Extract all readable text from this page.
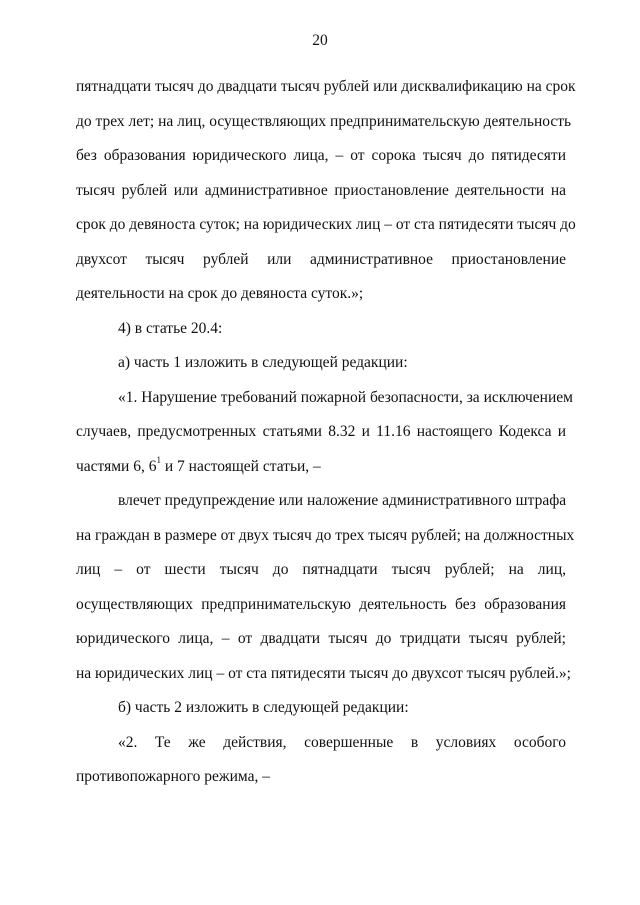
20
пятнадцати тысяч до двадцати тысяч рублей или дисквалификацию на срок
до трех лет; на лиц, осуществляющих предпринимательскую деятельность
без образования юридического лица, – от сорока тысяч до пятидесяти
тысяч рублей или административное приостановление деятельности на
срок до девяноста суток; на юридических лиц – от ста пятидесяти тысяч до
двухсот тысяч рублей или административное приостановление
деятельности на срок до девяноста суток.»;
4) в статье 20.4:
а) часть 1 изложить в следующей редакции:
«1. Нарушение требований пожарной безопасности, за исключением
случаев, предусмотренных статьями 8.32 и 11.16 настоящего Кодекса и
частями 6, $6^1$ и 7 настоящей статьи, –
влечет предупреждение или наложение административного штрафа
на граждан в размере от двух тысяч до трех тысяч рублей; на должностных
лиц – от шести тысяч до пятнадцати тысяч рублей; на лиц,
осуществляющих предпринимательскую деятельность без образования
юридического лица, – от двадцати тысяч до тридцати тысяч рублей;
на юридических лиц – от ста пятидесяти тысяч до двухсот тысяч рублей.»;
б) часть 2 изложить в следующей редакции:
«2. Те же действия, совершенные в условиях особого
противопожарного режима, –
